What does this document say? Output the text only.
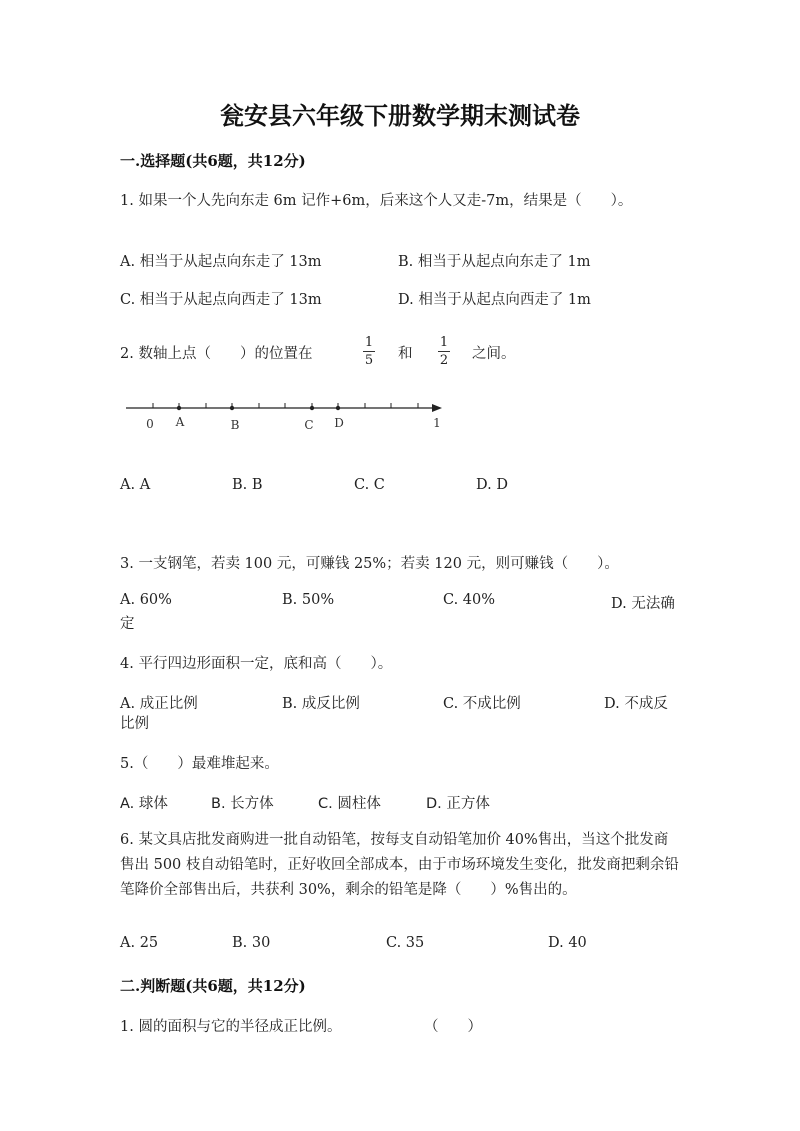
瓮安县六年级下册数学期末测试卷
一.选择题(共6题，共12分)
1. 如果一个人先向东走 6m 记作+6m，后来这个人又走-7m，结果是（　　）。
A. 相当于从起点向东走了 13m	B. 相当于从起点向东走了 1m
C. 相当于从起点向西走了 13m	D. 相当于从起点向西走了 1m
2. 数轴上点（　　）的位置在
1
5 和
1
2 之间。
0 A	B	C D	1
A. A	B. B	C. C	D. D
3. 一支钢笔，若卖 100 元，可赚钱 25%；若卖 120 元，则可赚钱（　　）。
A. 60%	B. 50%	C. 40%	D. 无法确
定
4. 平行四边形面积一定，底和高（　　）。
A. 成正比例	B. 成反比例	C. 不成比例	D. 不成反
比例
5.（　　）最难堆起来。
A. 球体	B. 长方体	C. 圆柱体	D. 正方体
6. 某文具店批发商购进一批自动铅笔，按每支自动铅笔加价 40%售出，当这个批发商售出 500 枝自动铅笔时，正好收回全部成本，由于市场环境发生变化，批发商把剩余铅笔降价全部售出后，共获利 30%，剩余的铅笔是降（　　）%售出的。
A. 25	B. 30	C. 35	D. 40
二.判断题(共6题，共12分)
1. 圆的面积与它的半径成正比例。	（　　）
